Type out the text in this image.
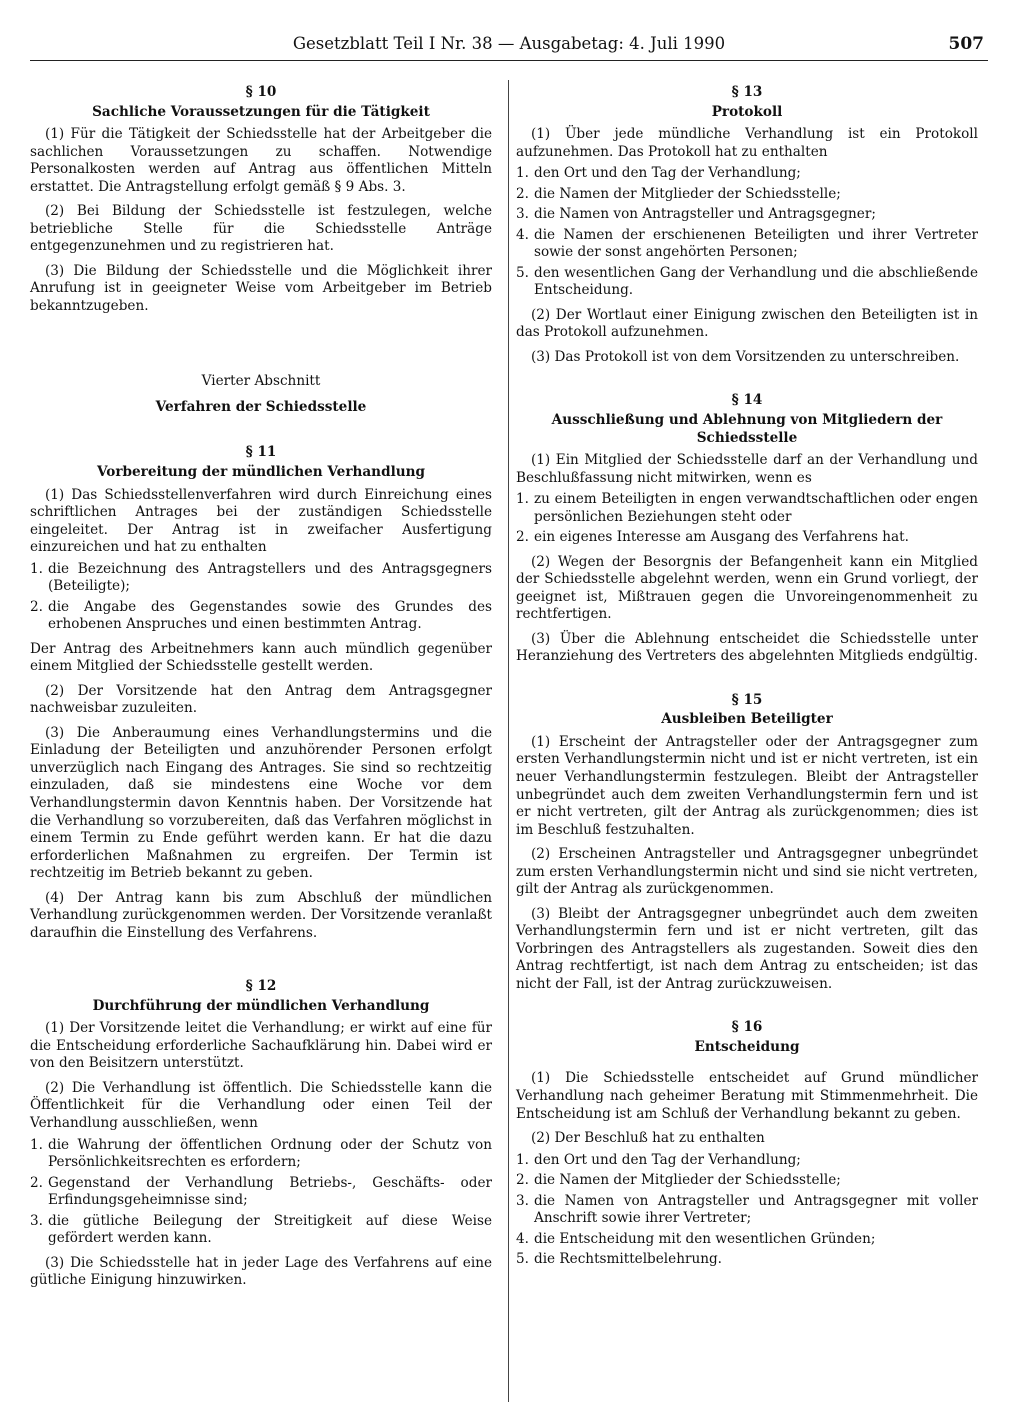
Gesetzblatt Teil I Nr. 38 — Ausgabetag: 4. Juli 1990	507
§ 10
Sachliche Voraussetzungen für die Tätigkeit
(1) Für die Tätigkeit der Schiedsstelle hat der Arbeitgeber die sachlichen Voraussetzungen zu schaffen. Notwendige Personalkosten werden auf Antrag aus öffentlichen Mitteln erstattet. Die Antragstellung erfolgt gemäß § 9 Abs. 3.
(2) Bei Bildung der Schiedsstelle ist festzulegen, welche betriebliche Stelle für die Schiedsstelle Anträge entgegenzunehmen und zu registrieren hat.
(3) Die Bildung der Schiedsstelle und die Möglichkeit ihrer Anrufung ist in geeigneter Weise vom Arbeitgeber im Betrieb bekanntzugeben.
Vierter Abschnitt
Verfahren der Schiedsstelle
§ 11
Vorbereitung der mündlichen Verhandlung
(1) Das Schiedsstellenverfahren wird durch Einreichung eines schriftlichen Antrages bei der zuständigen Schiedsstelle eingeleitet. Der Antrag ist in zweifacher Ausfertigung einzureichen und hat zu enthalten
1. die Bezeichnung des Antragstellers und des Antragsgegners (Beteiligte);
2. die Angabe des Gegenstandes sowie des Grundes des erhobenen Anspruches und einen bestimmten Antrag.
Der Antrag des Arbeitnehmers kann auch mündlich gegenüber einem Mitglied der Schiedsstelle gestellt werden.
(2) Der Vorsitzende hat den Antrag dem Antragsgegner nachweisbar zuzuleiten.
(3) Die Anberaumung eines Verhandlungstermins und die Einladung der Beteiligten und anzuhörender Personen erfolgt unverzüglich nach Eingang des Antrages. Sie sind so rechtzeitig einzuladen, daß sie mindestens eine Woche vor dem Verhandlungstermin davon Kenntnis haben. Der Vorsitzende hat die Verhandlung so vorzubereiten, daß das Verfahren möglichst in einem Termin zu Ende geführt werden kann. Er hat die dazu erforderlichen Maßnahmen zu ergreifen. Der Termin ist rechtzeitig im Betrieb bekannt zu geben.
(4) Der Antrag kann bis zum Abschluß der mündlichen Verhandlung zurückgenommen werden. Der Vorsitzende veranlaßt daraufhin die Einstellung des Verfahrens.
§ 12
Durchführung der mündlichen Verhandlung
(1) Der Vorsitzende leitet die Verhandlung; er wirkt auf eine für die Entscheidung erforderliche Sachaufklärung hin. Dabei wird er von den Beisitzern unterstützt.
(2) Die Verhandlung ist öffentlich. Die Schiedsstelle kann die Öffentlichkeit für die Verhandlung oder einen Teil der Verhandlung ausschließen, wenn
1. die Wahrung der öffentlichen Ordnung oder der Schutz von Persönlichkeitsrechten es erfordern;
2. Gegenstand der Verhandlung Betriebs-, Geschäfts- oder Erfindungsgeheimnisse sind;
3. die gütliche Beilegung der Streitigkeit auf diese Weise gefördert werden kann.
(3) Die Schiedsstelle hat in jeder Lage des Verfahrens auf eine gütliche Einigung hinzuwirken.
§ 13
Protokoll
(1) Über jede mündliche Verhandlung ist ein Protokoll aufzunehmen. Das Protokoll hat zu enthalten
1. den Ort und den Tag der Verhandlung;
2. die Namen der Mitglieder der Schiedsstelle;
3. die Namen von Antragsteller und Antragsgegner;
4. die Namen der erschienenen Beteiligten und ihrer Vertreter sowie der sonst angehörten Personen;
5. den wesentlichen Gang der Verhandlung und die abschließende Entscheidung.
(2) Der Wortlaut einer Einigung zwischen den Beteiligten ist in das Protokoll aufzunehmen.
(3) Das Protokoll ist von dem Vorsitzenden zu unterschreiben.
§ 14
Ausschließung und Ablehnung von Mitgliedern der Schiedsstelle
(1) Ein Mitglied der Schiedsstelle darf an der Verhandlung und Beschlußfassung nicht mitwirken, wenn es
1. zu einem Beteiligten in engen verwandtschaftlichen oder engen persönlichen Beziehungen steht oder
2. ein eigenes Interesse am Ausgang des Verfahrens hat.
(2) Wegen der Besorgnis der Befangenheit kann ein Mitglied der Schiedsstelle abgelehnt werden, wenn ein Grund vorliegt, der geeignet ist, Mißtrauen gegen die Unvoreingenommenheit zu rechtfertigen.
(3) Über die Ablehnung entscheidet die Schiedsstelle unter Heranziehung des Vertreters des abgelehnten Mitglieds endgültig.
§ 15
Ausbleiben Beteiligter
(1) Erscheint der Antragsteller oder der Antragsgegner zum ersten Verhandlungstermin nicht und ist er nicht vertreten, ist ein neuer Verhandlungstermin festzulegen. Bleibt der Antragsteller unbegründet auch dem zweiten Verhandlungstermin fern und ist er nicht vertreten, gilt der Antrag als zurückgenommen; dies ist im Beschluß festzuhalten.
(2) Erscheinen Antragsteller und Antragsgegner unbegründet zum ersten Verhandlungstermin nicht und sind sie nicht vertreten, gilt der Antrag als zurückgenommen.
(3) Bleibt der Antragsgegner unbegründet auch dem zweiten Verhandlungstermin fern und ist er nicht vertreten, gilt das Vorbringen des Antragstellers als zugestanden. Soweit dies den Antrag rechtfertigt, ist nach dem Antrag zu entscheiden; ist das nicht der Fall, ist der Antrag zurückzuweisen.
§ 16
Entscheidung
(1) Die Schiedsstelle entscheidet auf Grund mündlicher Verhandlung nach geheimer Beratung mit Stimmenmehrheit. Die Entscheidung ist am Schluß der Verhandlung bekannt zu geben.
(2) Der Beschluß hat zu enthalten
1. den Ort und den Tag der Verhandlung;
2. die Namen der Mitglieder der Schiedsstelle;
3. die Namen von Antragsteller und Antragsgegner mit voller Anschrift sowie ihrer Vertreter;
4. die Entscheidung mit den wesentlichen Gründen;
5. die Rechtsmittelbelehrung.
